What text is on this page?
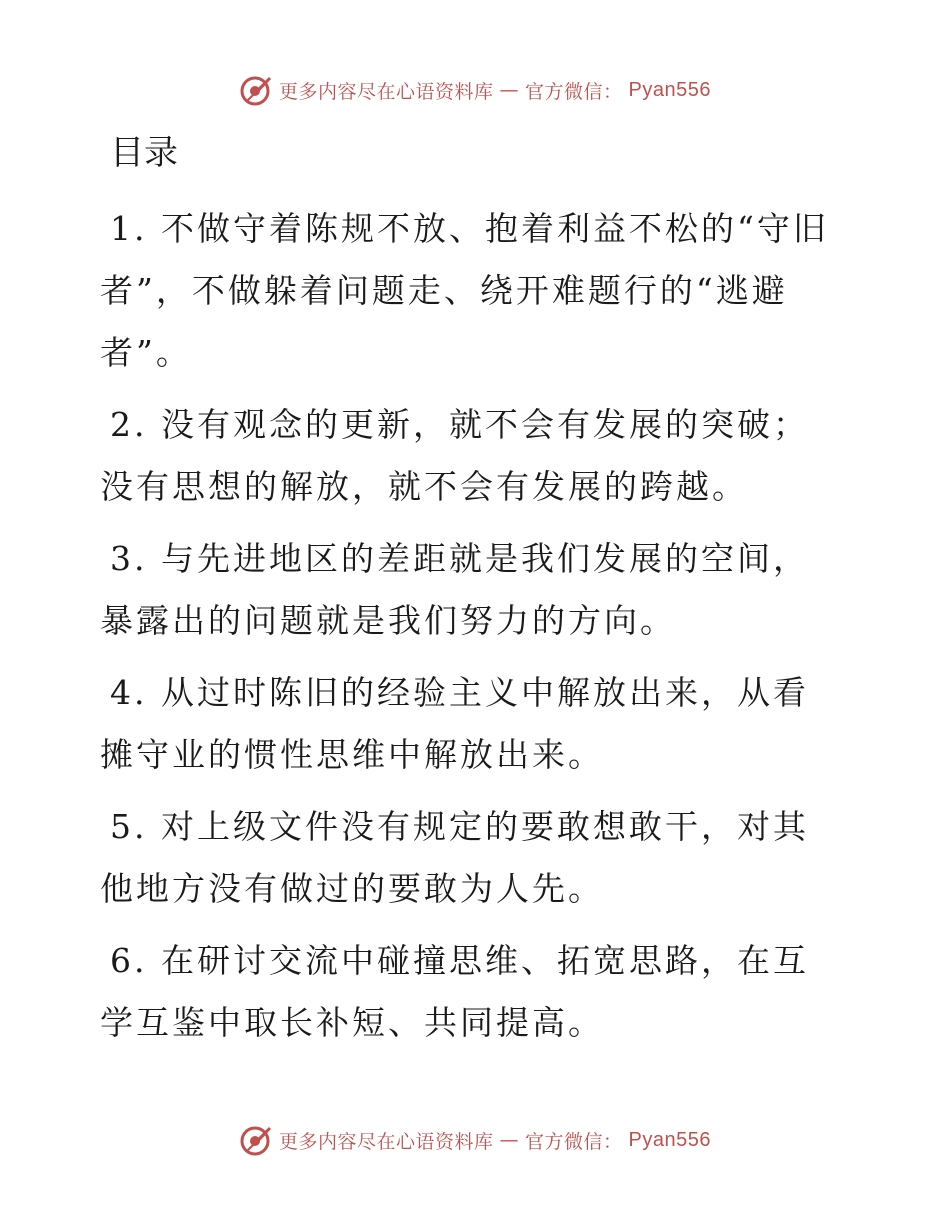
更多内容尽在心语资料库 — 官方微信： Pyan556
目录
1. 不做守着陈规不放、抱着利益不松的“守旧者”，不做躲着问题走、绕开难题行的“逃避者”。
2. 没有观念的更新，就不会有发展的突破；没有思想的解放，就不会有发展的跨越。
3. 与先进地区的差距就是我们发展的空间，暴露出的问题就是我们努力的方向。
4. 从过时陈旧的经验主义中解放出来，从看摊守业的惯性思维中解放出来。
5. 对上级文件没有规定的要敢想敢干，对其他地方没有做过的要敢为人先。
6. 在研讨交流中碰撞思维、拓宽思路，在互学互鉴中取长补短、共同提高。
更多内容尽在心语资料库 — 官方微信： Pyan556
